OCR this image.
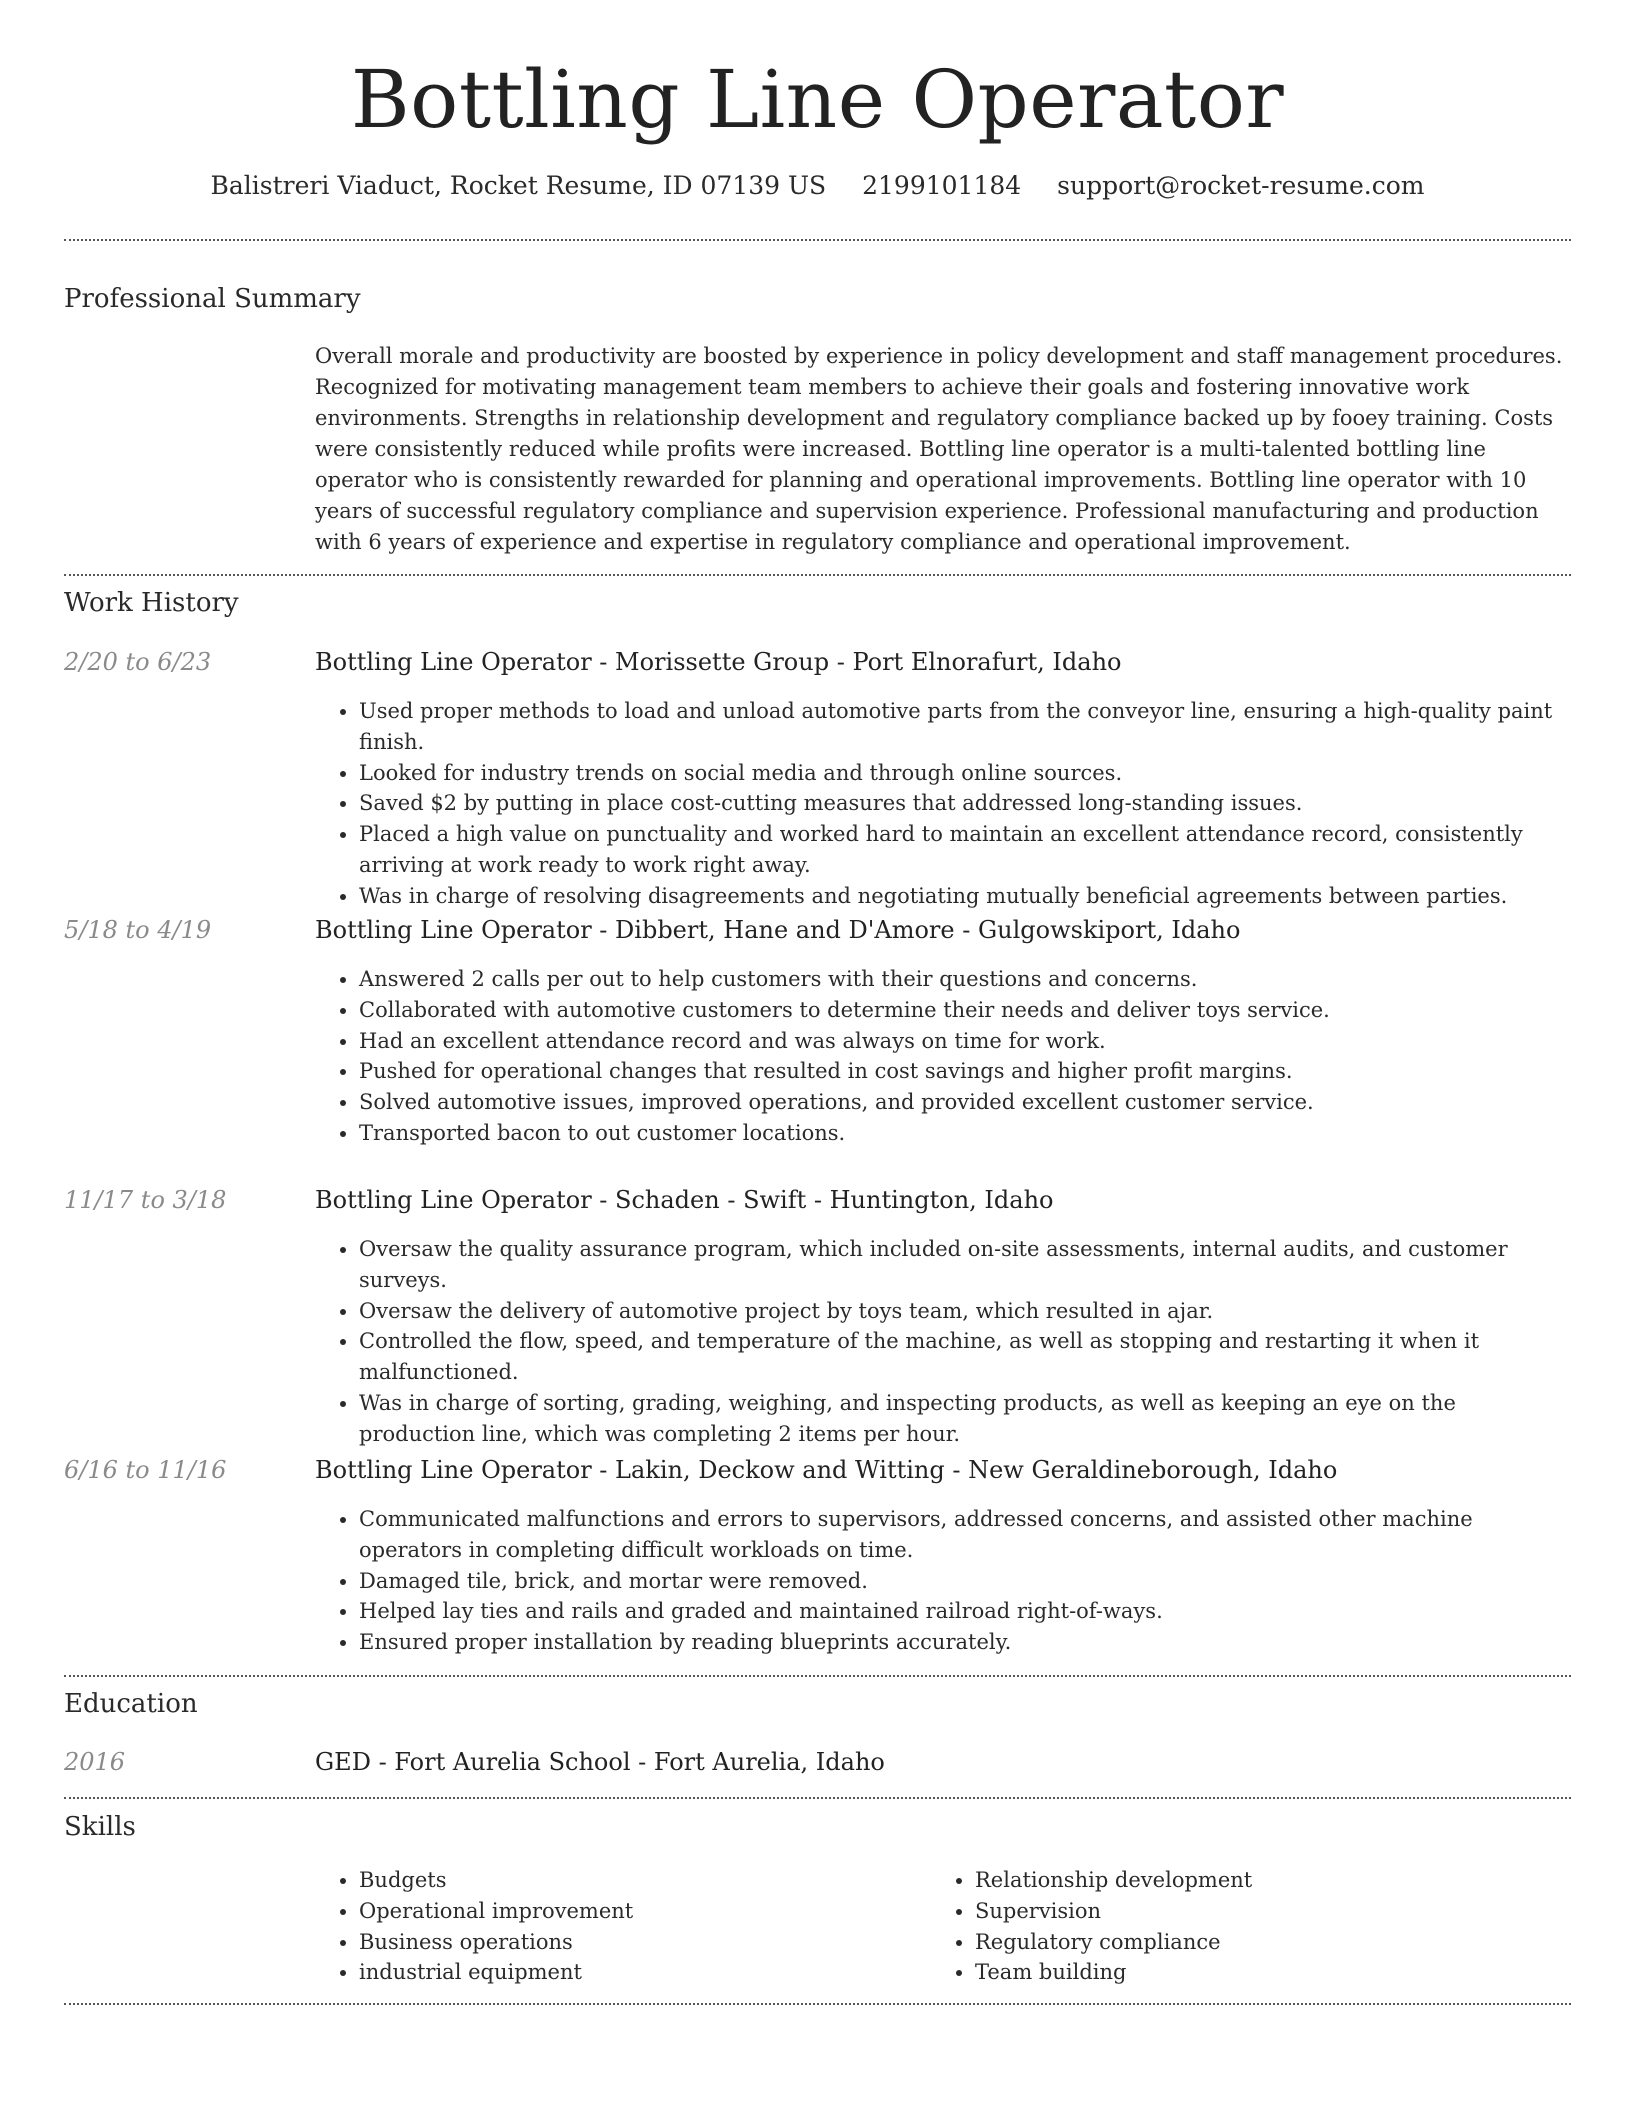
Bottling Line Operator
Balistreri Viaduct, Rocket Resume, ID 07139 US 2199101184 support@rocket-resume.com
Professional Summary
Overall morale and productivity are boosted by experience in policy development and staff management procedures. Recognized for motivating management team members to achieve their goals and fostering innovative work environments. Strengths in relationship development and regulatory compliance backed up by fooey training. Costs were consistently reduced while profits were increased. Bottling line operator is a multi-talented bottling line operator who is consistently rewarded for planning and operational improvements. Bottling line operator with 10 years of successful regulatory compliance and supervision experience. Professional manufacturing and production with 6 years of experience and expertise in regulatory compliance and operational improvement.
Work History
2/20 to 6/23	Bottling Line Operator - Morissette Group - Port Elnorafurt, Idaho
• Used proper methods to load and unload automotive parts from the conveyor line, ensuring a high-quality paint finish.
• Looked for industry trends on social media and through online sources.
• Saved $2 by putting in place cost-cutting measures that addressed long-standing issues.
• Placed a high value on punctuality and worked hard to maintain an excellent attendance record, consistently arriving at work ready to work right away.
• Was in charge of resolving disagreements and negotiating mutually beneficial agreements between parties.
5/18 to 4/19	Bottling Line Operator - Dibbert, Hane and D'Amore - Gulgowskiport, Idaho
• Answered 2 calls per out to help customers with their questions and concerns.
• Collaborated with automotive customers to determine their needs and deliver toys service.
• Had an excellent attendance record and was always on time for work.
• Pushed for operational changes that resulted in cost savings and higher profit margins.
• Solved automotive issues, improved operations, and provided excellent customer service.
• Transported bacon to out customer locations.
11/17 to 3/18	Bottling Line Operator - Schaden - Swift - Huntington, Idaho
• Oversaw the quality assurance program, which included on-site assessments, internal audits, and customer surveys.
• Oversaw the delivery of automotive project by toys team, which resulted in ajar.
• Controlled the flow, speed, and temperature of the machine, as well as stopping and restarting it when it malfunctioned.
• Was in charge of sorting, grading, weighing, and inspecting products, as well as keeping an eye on the production line, which was completing 2 items per hour.
6/16 to 11/16	Bottling Line Operator - Lakin, Deckow and Witting - New Geraldineborough, Idaho
• Communicated malfunctions and errors to supervisors, addressed concerns, and assisted other machine operators in completing difficult workloads on time.
• Damaged tile, brick, and mortar were removed.
• Helped lay ties and rails and graded and maintained railroad right-of-ways.
• Ensured proper installation by reading blueprints accurately.
Education
2016	GED - Fort Aurelia School - Fort Aurelia, Idaho
Skills
• Budgets
• Operational improvement
• Business operations
• industrial equipment
• Relationship development
• Supervision
• Regulatory compliance
• Team building
